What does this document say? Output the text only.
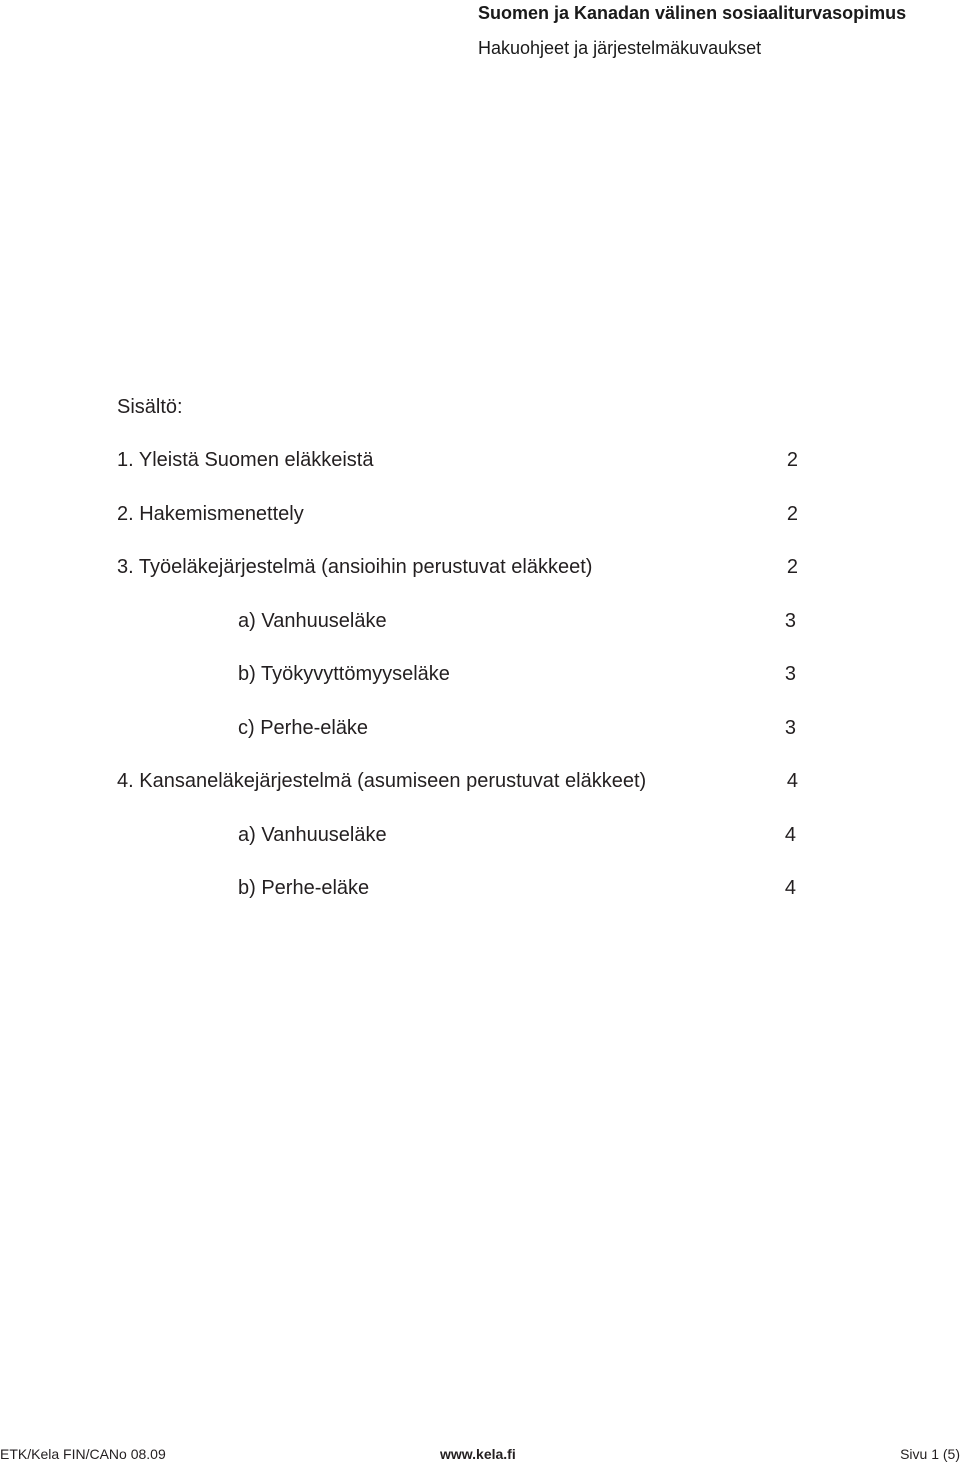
Suomen ja Kanadan välinen sosiaaliturvasopimus
Hakuohjeet ja järjestelmäkuvaukset
Sisältö:
1. Yleistä Suomen eläkkeistä	2
2. Hakemismenettely	2
3. Työeläkejärjestelmä (ansioihin perustuvat eläkkeet)	2
a) Vanhuuseläke	3
b) Työkyvyttömyyseläke	3
c) Perhe-eläke	3
4. Kansaneläkejärjestelmä (asumiseen perustuvat eläkkeet)	4
a) Vanhuuseläke	4
b) Perhe-eläke	4
ETK/Kela FIN/CANo 08.09	www.kela.fi	Sivu 1 (5)
